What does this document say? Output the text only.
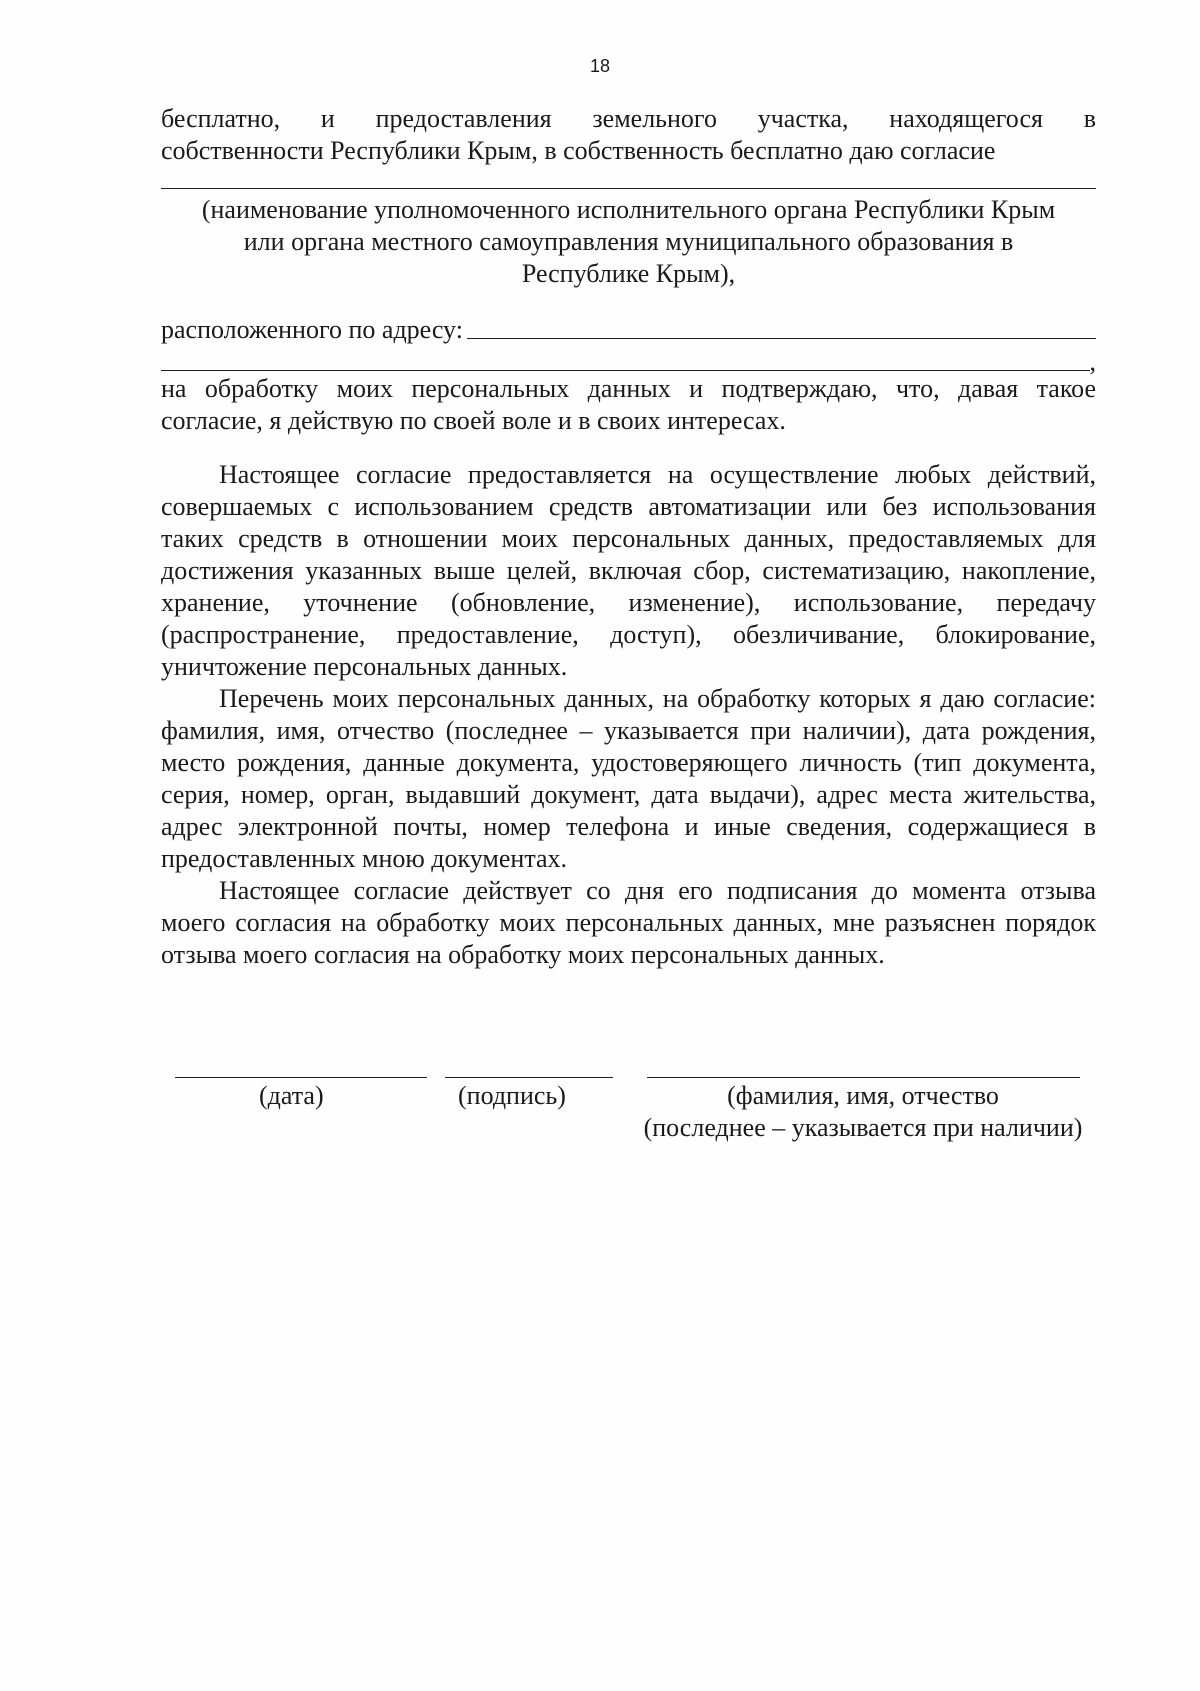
18

бесплатно, и предоставления земельного участка, находящегося в

собственности Республики Крым, в собственность бесплатно даю согласие

(наименование уполномоченного исполнительного органа Республики Крым

или органа местного самоуправления муниципального образования в

Республике Крым),

расположенного по адресу:
,

на обработку моих персональных данных и подтверждаю, что, давая такое

согласие, я действую по своей воле и в своих интересах.

Настоящее согласие предоставляется на осуществление любых действий, совершаемых с использованием средств автоматизации или без использования таких средств в отношении моих персональных данных, предоставляемых для достижения указанных выше целей, включая сбор, систематизацию, накопление, хранение, уточнение (обновление, изменение), использование, передачу (распространение, предоставление, доступ), обезличивание, блокирование, уничтожение персональных данных.

Перечень моих персональных данных, на обработку которых я даю согласие: фамилия, имя, отчество (последнее – указывается при наличии), дата рождения, место рождения, данные документа, удостоверяющего личность (тип документа, серия, номер, орган, выдавший документ, дата выдачи), адрес места жительства, адрес электронной почты, номер телефона и иные сведения, содержащиеся в предоставленных мною документах.

Настоящее согласие действует со дня его подписания до момента отзыва моего согласия на обработку моих персональных данных, мне разъяснен порядок отзыва моего согласия на обработку моих персональных данных.

(дата)	(подпись)	(фамилия, имя, отчество
(последнее – указывается при наличии)
